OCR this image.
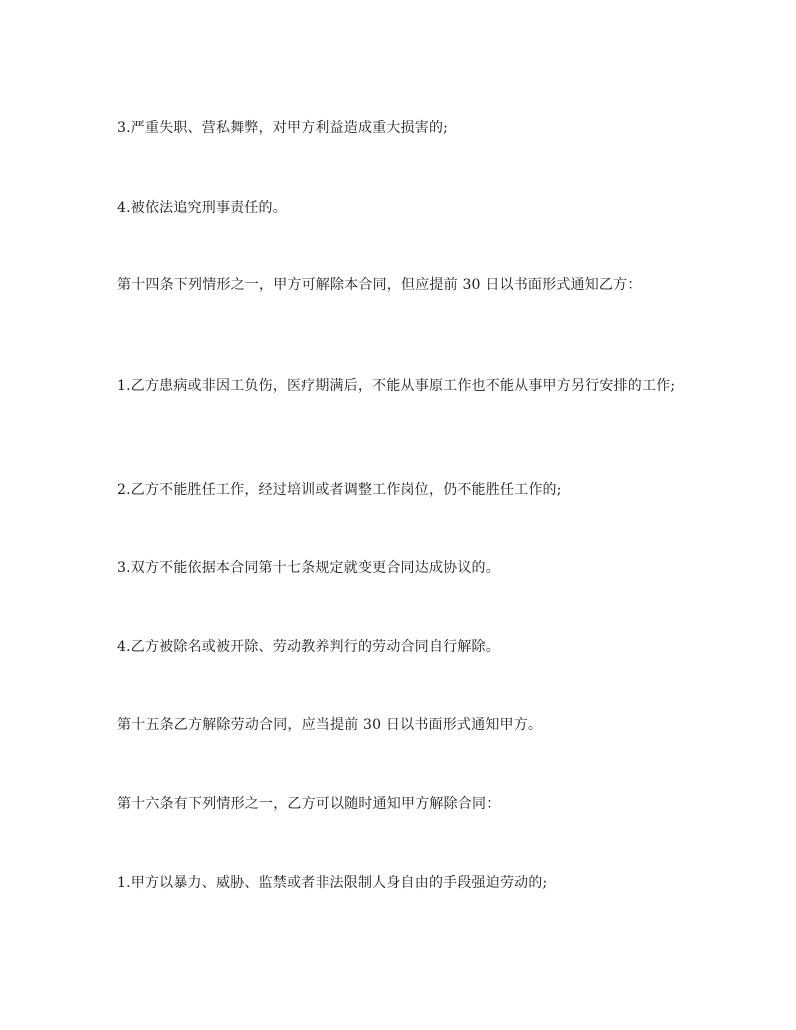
3.严重失职、营私舞弊，对甲方利益造成重大损害的;

4.被依法追究刑事责任的。

第十四条下列情形之一，甲方可解除本合同，但应提前 30 日以书面形式通知乙方：

1.乙方患病或非因工负伤，医疗期满后，不能从事原工作也不能从事甲方另行安排的工作;

2.乙方不能胜任工作，经过培训或者调整工作岗位，仍不能胜任工作的;

3.双方不能依据本合同第十七条规定就变更合同达成协议的。

4.乙方被除名或被开除、劳动教养判行的劳动合同自行解除。

第十五条乙方解除劳动合同，应当提前 30 日以书面形式通知甲方。

第十六条有下列情形之一，乙方可以随时通知甲方解除合同：

1.甲方以暴力、威胁、监禁或者非法限制人身自由的手段强迫劳动的;
